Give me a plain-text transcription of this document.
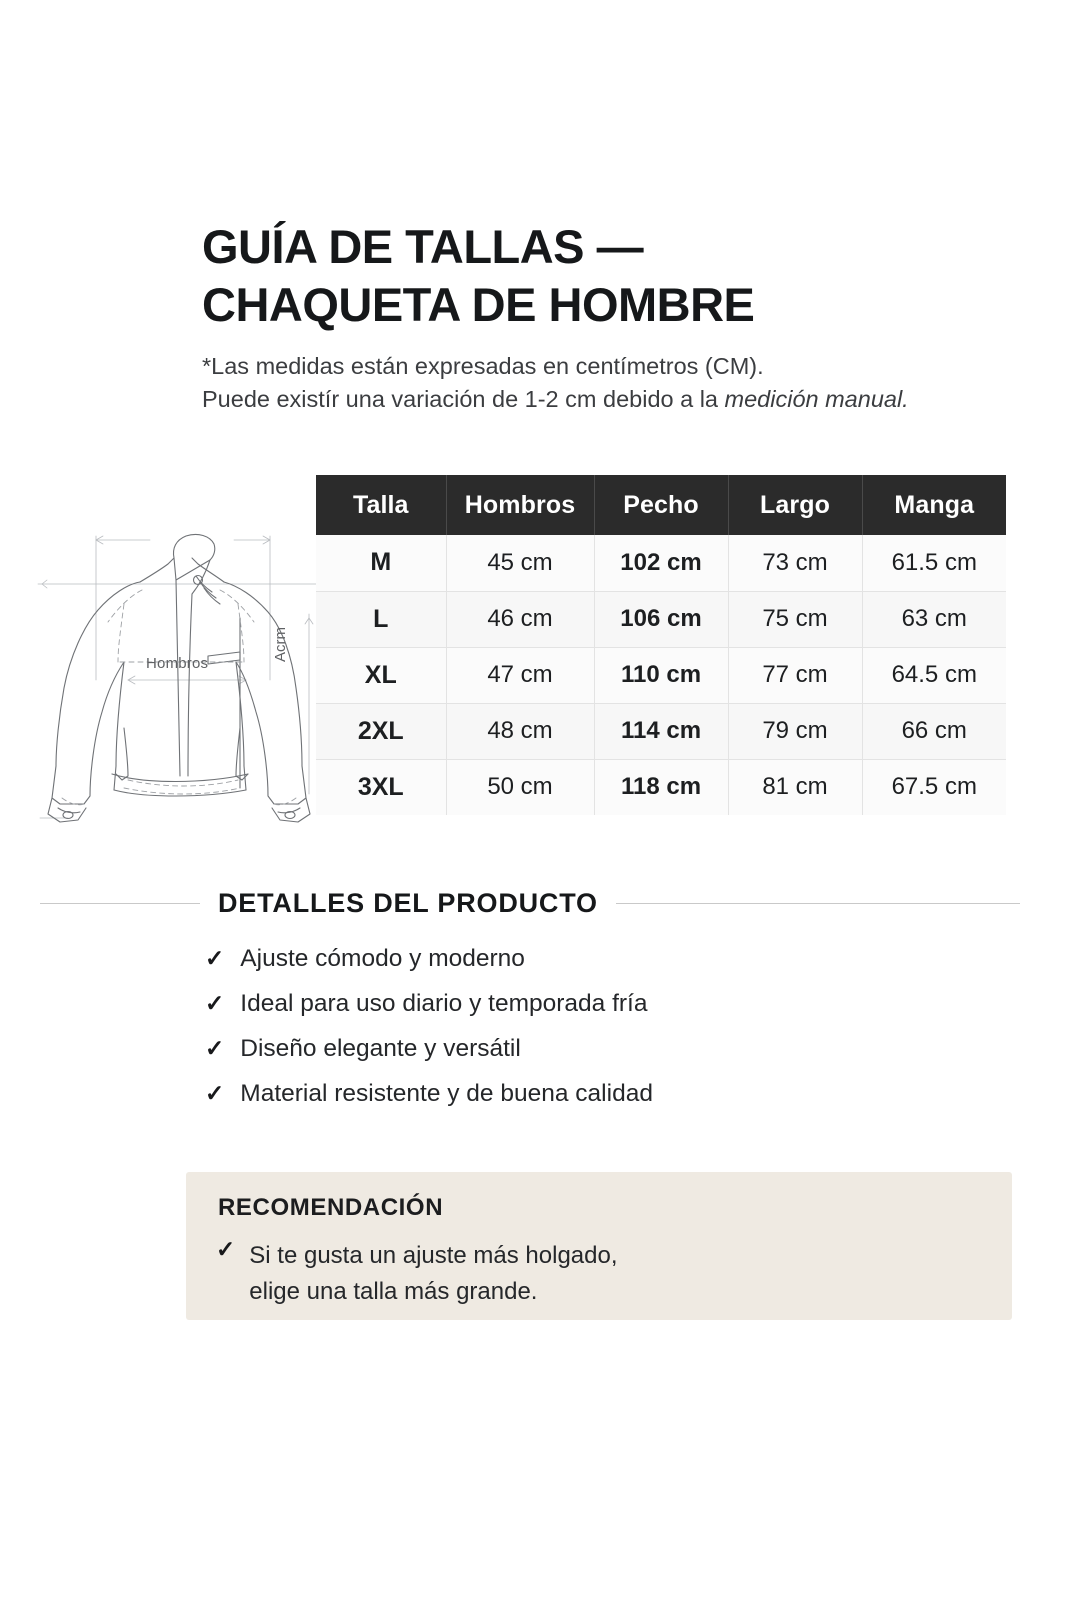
GUÍA DE TALLAS —
CHAQUETA DE HOMBRE
*Las medidas están expresadas en centímetros (CM).
Puede existír una variación de 1-2 cm debido a la medición manual.
Hombros
Acrm
Talla	Hombros	Pecho	Largo	Manga
M	45 cm	102 cm	73 cm	61.5 cm
L	46 cm	106 cm	75 cm	63 cm
XL	47 cm	110 cm	77 cm	64.5 cm
2XL	48 cm	114 cm	79 cm	66 cm
3XL	50 cm	118 cm	81 cm	67.5 cm
DETALLES DEL PRODUCTO
✓ Ajuste cómodo y moderno
✓ Ideal para uso diario y temporada fría
✓ Diseño elegante y versátil
✓ Material resistente y de buena calidad
RECOMENDACIÓN
✓ Si te gusta un ajuste más holgado,
elige una talla más grande.
